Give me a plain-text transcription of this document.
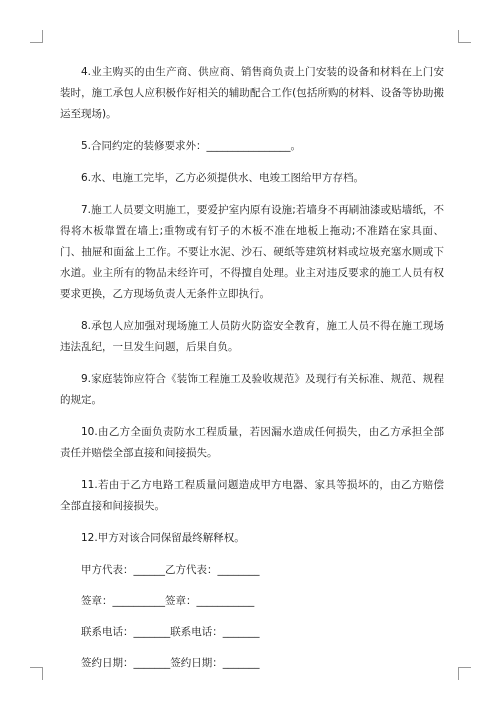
4.业主购买的由生产商、供应商、销售商负责上门安装的设备和材料在上门安装时，施工承包人应积极作好相关的辅助配合工作(包括所购的材料、设备等协助搬运至现场)。

5.合同约定的装修要求外：________________。

6.水、电施工完毕，乙方必须提供水、电竣工图给甲方存档。

7.施工人员要文明施工，要爱护室内原有设施;若墙身不再刷油漆或贴墙纸，不得将木板靠置在墙上;重物或有钉子的木板不准在地板上拖动;不准踏在家具面、门、抽屉和面盆上工作。不要让水泥、沙石、硬纸等建筑材料或垃圾充塞水厕或下水道。业主所有的物品未经许可，不得擅自处理。业主对违反要求的施工人员有权要求更换，乙方现场负责人无条件立即执行。

8.承包人应加强对现场施工人员防火防盗安全教育，施工人员不得在施工现场违法乱纪，一旦发生问题，后果自负。

9.家庭装饰应符合《装饰工程施工及验收规范》及现行有关标准、规范、规程的规定。

10.由乙方全面负责防水工程质量，若因漏水造成任何损失，由乙方承担全部责任并赔偿全部直接和间接损失。

11.若由于乙方电路工程质量问题造成甲方电器、家具等损坏的，由乙方赔偿全部直接和间接损失。

12.甲方对该合同保留最终解释权。

甲方代表：______乙方代表：________
签章：__________签章：___________
联系电话：_______联系电话：_______
签约日期：_______签约日期：_______
